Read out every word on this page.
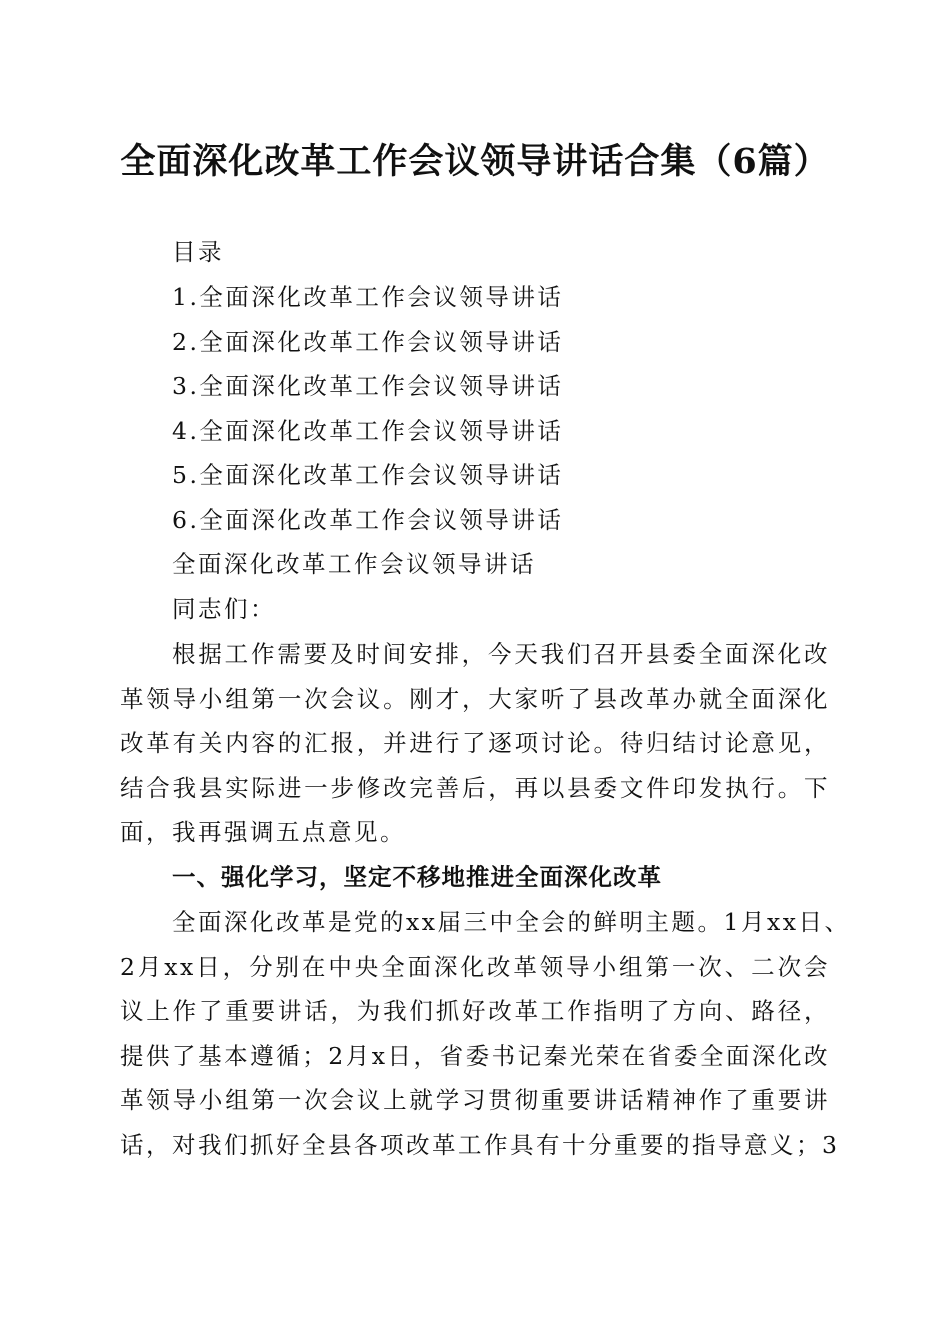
全面深化改革工作会议领导讲话合集（6篇）
目录
1.全面深化改革工作会议领导讲话
2.全面深化改革工作会议领导讲话
3.全面深化改革工作会议领导讲话
4.全面深化改革工作会议领导讲话
5.全面深化改革工作会议领导讲话
6.全面深化改革工作会议领导讲话
全面深化改革工作会议领导讲话
同志们：
根据工作需要及时间安排，今天我们召开县委全面深化改
革领导小组第一次会议。刚才，大家听了县改革办就全面深化
改革有关内容的汇报，并进行了逐项讨论。待归结讨论意见，
结合我县实际进一步修改完善后，再以县委文件印发执行。下
面，我再强调五点意见。
一、强化学习，坚定不移地推进全面深化改革
全面深化改革是党的xx届三中全会的鲜明主题。1月xx日、
2月xx日，分别在中央全面深化改革领导小组第一次、二次会
议上作了重要讲话，为我们抓好改革工作指明了方向、路径，
提供了基本遵循；2月x日，省委书记秦光荣在省委全面深化改
革领导小组第一次会议上就学习贯彻重要讲话精神作了重要讲
话，对我们抓好全县各项改革工作具有十分重要的指导意义；3
